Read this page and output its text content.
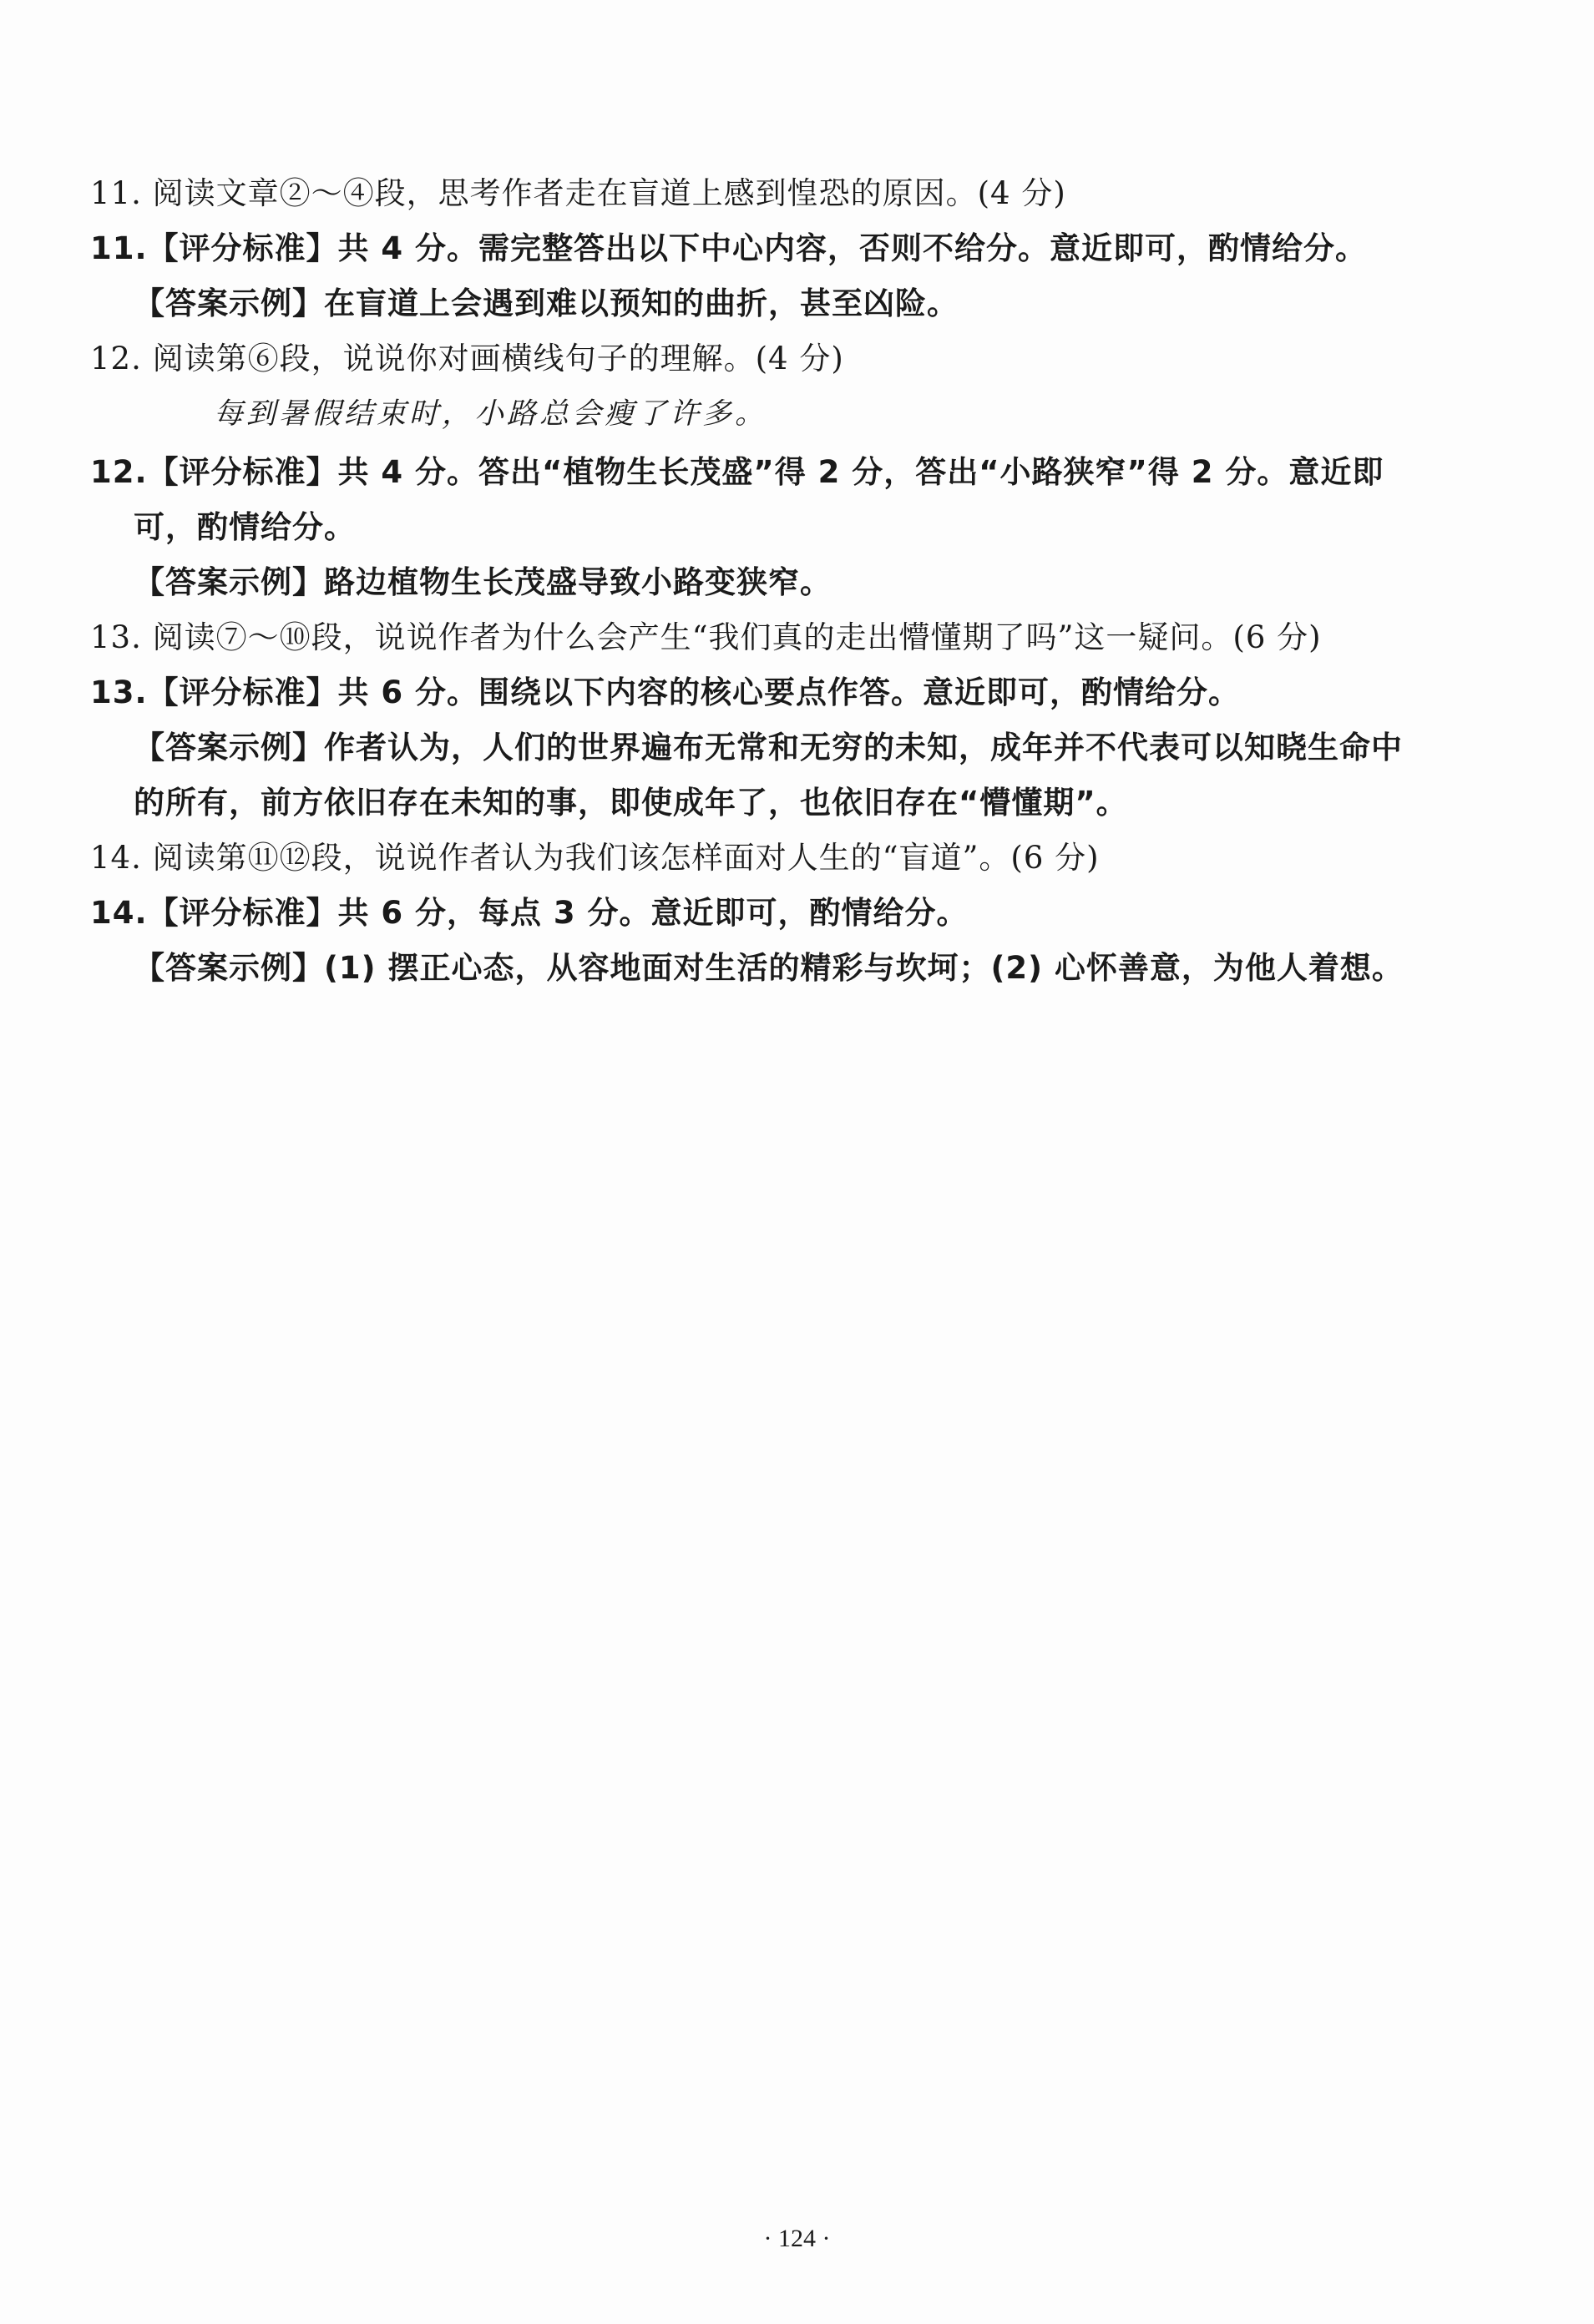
11. 阅读文章②～④段，思考作者走在盲道上感到惶恐的原因。(4 分)
11.【评分标准】共 4 分。需完整答出以下中心内容，否则不给分。意近即可，酌情给分。
【答案示例】在盲道上会遇到难以预知的曲折，甚至凶险。
12. 阅读第⑥段，说说你对画横线句子的理解。(4 分)
每到暑假结束时，小路总会瘦了许多。
12.【评分标准】共 4 分。答出“植物生长茂盛”得 2 分，答出“小路狭窄”得 2 分。意近即
可，酌情给分。
【答案示例】路边植物生长茂盛导致小路变狭窄。
13. 阅读⑦～⑩段，说说作者为什么会产生“我们真的走出懵懂期了吗”这一疑问。(6 分)
13.【评分标准】共 6 分。围绕以下内容的核心要点作答。意近即可，酌情给分。
【答案示例】作者认为，人们的世界遍布无常和无穷的未知，成年并不代表可以知晓生命中
的所有，前方依旧存在未知的事，即使成年了，也依旧存在“懵懂期”。
14. 阅读第⑪⑫段，说说作者认为我们该怎样面对人生的“盲道”。(6 分)
14.【评分标准】共 6 分，每点 3 分。意近即可，酌情给分。
【答案示例】(1) 摆正心态，从容地面对生活的精彩与坎坷；(2) 心怀善意，为他人着想。
· 124 ·
